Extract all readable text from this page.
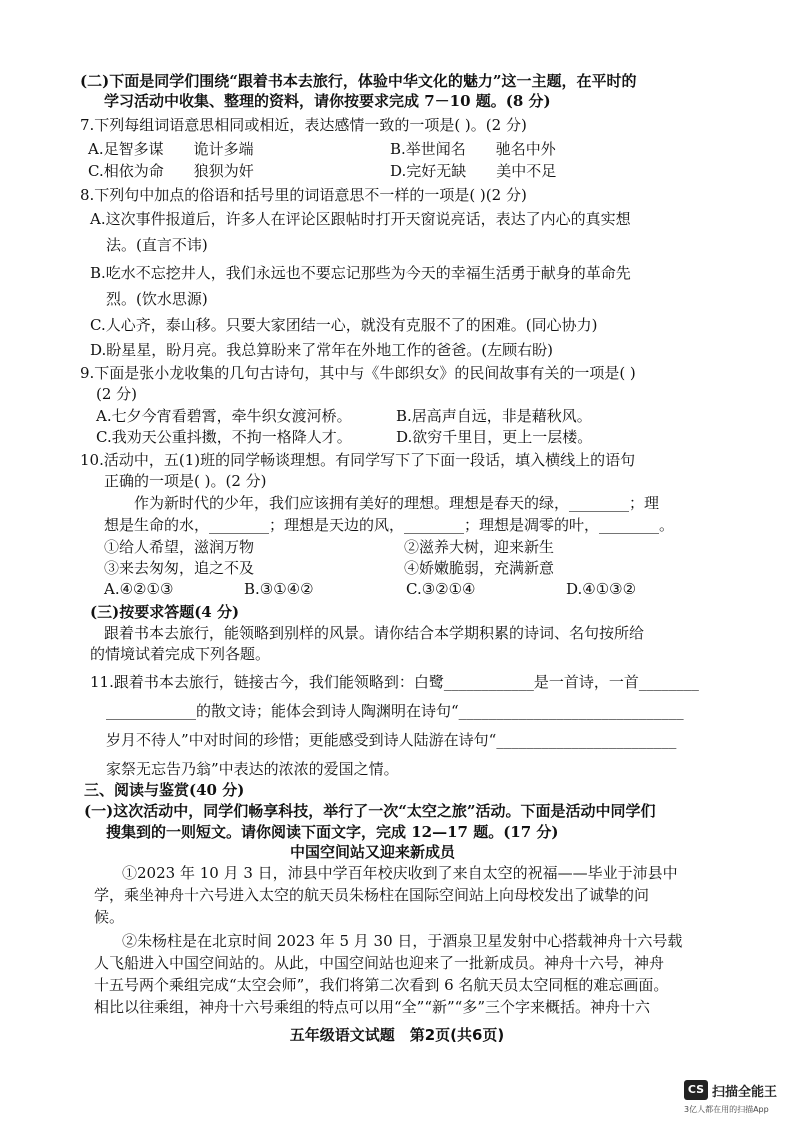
(二)下面是同学们围绕“跟着书本去旅行，体验中华文化的魅力”这一主题，在平时的
学习活动中收集、整理的资料，请你按要求完成 7－10 题。(8 分)
7.下列每组词语意思相同或相近，表达感情一致的一项是( )。(2 分)
A.足智多谋　　诡计多端	B.举世闻名　　驰名中外
C.相依为命　　狼狈为奸	D.完好无缺　　美中不足
8.下列句中加点的俗语和括号里的词语意思不一样的一项是( )(2 分)
A.这次事件报道后，许多人在评论区跟帖时打开天窗说亮话，表达了内心的真实想
法。(直言不讳)
B.吃水不忘挖井人，我们永远也不要忘记那些为今天的幸福生活勇于献身的革命先
烈。(饮水思源)
C.人心齐，泰山移。只要大家团结一心，就没有克服不了的困难。(同心协力)
D.盼星星，盼月亮。我总算盼来了常年在外地工作的爸爸。(左顾右盼)
9.下面是张小龙收集的几句古诗句，其中与《牛郎织女》的民间故事有关的一项是( )
(2 分)
A.七夕今宵看碧霄，牵牛织女渡河桥。	B.居高声自远，非是藉秋风。
C.我劝天公重抖擞，不拘一格降人才。	D.欲穷千里目，更上一层楼。
10.活动中，五(1)班的同学畅谈理想。有同学写下了下面一段话，填入横线上的语句
正确的一项是( )。(2 分)
作为新时代的少年，我们应该拥有美好的理想。理想是春天的绿，________；理
想是生命的水，________；理想是天边的风，________；理想是凋零的叶，________。
①给人希望，滋润万物	②滋养大树，迎来新生
③来去匆匆，追之不及	④娇嫩脆弱，充满新意
A.④②①③	B.③①④②	C.③②①④	D.④①③②
(三)按要求答题(4 分)
跟着书本去旅行，能领略到别样的风景。请你结合本学期积累的诗词、名句按所给
的情境试着完成下列各题。
11.跟着书本去旅行，链接古今，我们能领略到：白鹭____________是一首诗，一首________
____________的散文诗；能体会到诗人陶渊明在诗句“______________________________
岁月不待人”中对时间的珍惜；更能感受到诗人陆游在诗句“________________________
家祭无忘告乃翁”中表达的浓浓的爱国之情。
三、阅读与鉴赏(40 分)
(一)这次活动中，同学们畅享科技，举行了一次“太空之旅”活动。下面是活动中同学们
搜集到的一则短文。请你阅读下面文字，完成 12—17 题。(17 分)
①2023 年 10 月 3 日，沛县中学百年校庆收到了来自太空的祝福——毕业于沛县中
学，乘坐神舟十六号进入太空的航天员朱杨柱在国际空间站上向母校发出了诚挚的问
候。
②朱杨柱是在北京时间 2023 年 5 月 30 日，于酒泉卫星发射中心搭载神舟十六号载
人飞船进入中国空间站的。从此，中国空间站也迎来了一批新成员。神舟十六号，神舟
十五号两个乘组完成“太空会师”，我们将第二次看到 6 名航天员太空同框的难忘画面。
相比以往乘组，神舟十六号乘组的特点可以用“全”“新”“多”三个字来概括。神舟十六
中国空间站又迎来新成员
五年级语文试题　第2页(共6页)
CS 扫描全能王
3亿人都在用的扫描App
